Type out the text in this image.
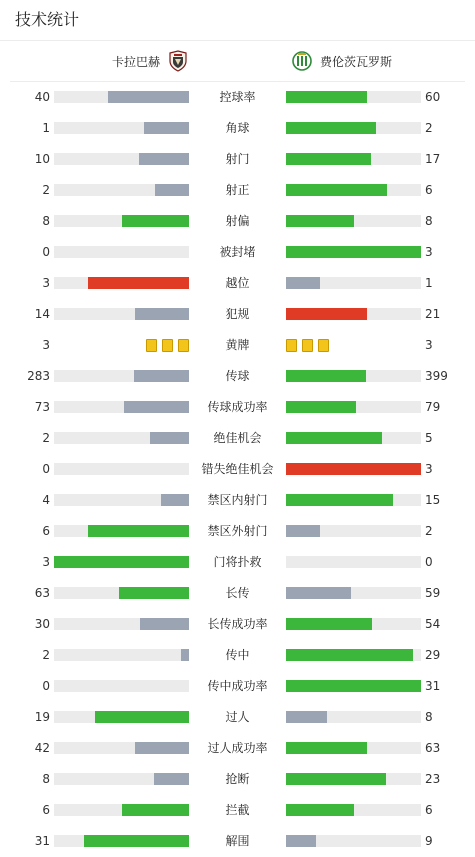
技术统计
卡拉巴赫	费伦茨瓦罗斯
40	控球率	60
1	角球	2
10	射门	17
2	射正	6
8	射偏	8
0	被封堵	3
3	越位	1
14	犯规	21
3	黄牌	3
283	传球	399
73	传球成功率	79
2	绝佳机会	5
0	错失绝佳机会	3
4	禁区内射门	15
6	禁区外射门	2
3	门将扑救	0
63	长传	59
30	长传成功率	54
2	传中	29
0	传中成功率	31
19	过人	8
42	过人成功率	63
8	抢断	23
6	拦截	6
31	解围	9
